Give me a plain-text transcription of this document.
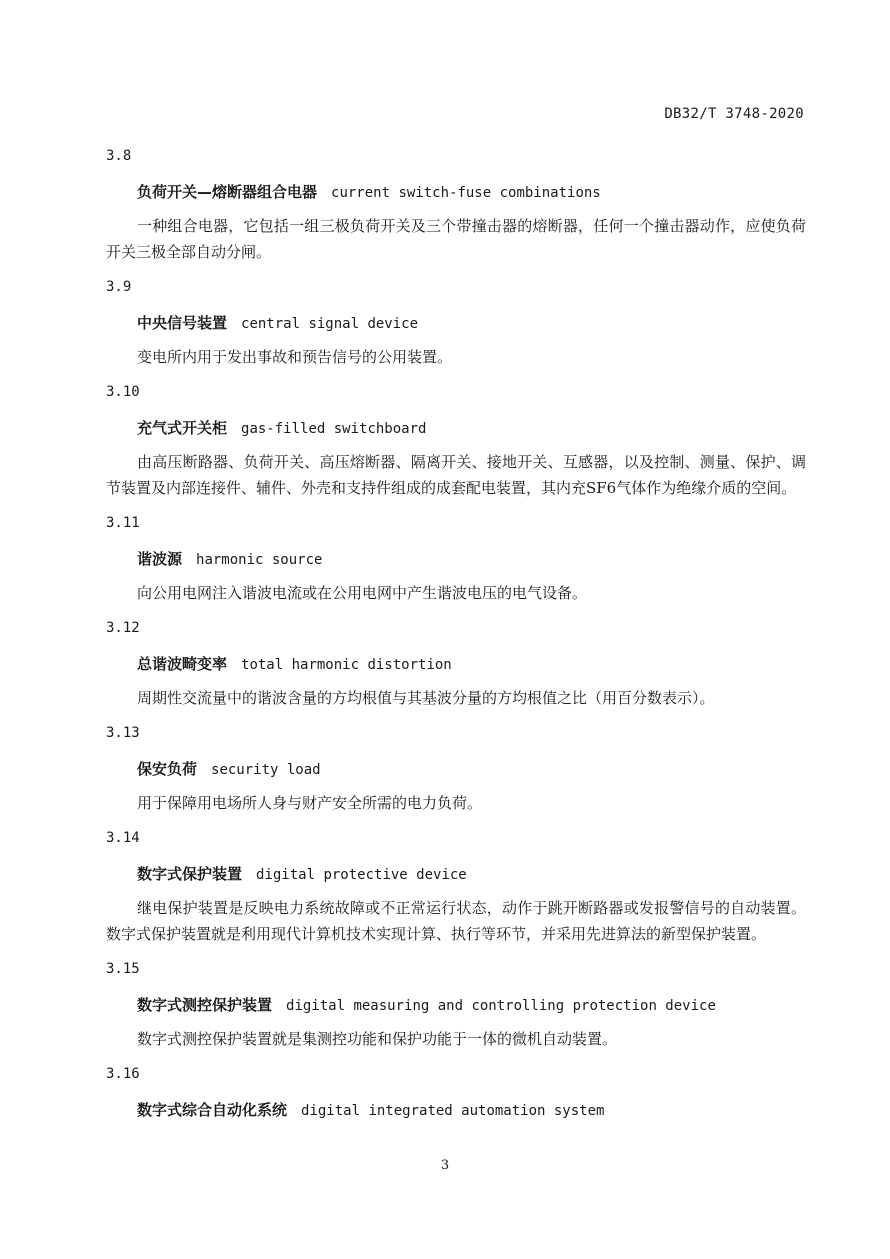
DB32/T 3748-2020
3.8
负荷开关—熔断器组合电器 current switch-fuse combinations

一种组合电器，它包括一组三极负荷开关及三个带撞击器的熔断器，任何一个撞击器动作，应使负荷开关三极全部自动分闸。

3.9
中央信号装置 central signal device

变电所内用于发出事故和预告信号的公用装置。

3.10
充气式开关柜 gas-filled switchboard

由高压断路器、负荷开关、高压熔断器、隔离开关、接地开关、互感器，以及控制、测量、保护、调节装置及内部连接件、辅件、外壳和支持件组成的成套配电装置，其内充SF6气体作为绝缘介质的空间。

3.11
谐波源 harmonic source

向公用电网注入谐波电流或在公用电网中产生谐波电压的电气设备。

3.12
总谐波畸变率 total harmonic distortion

周期性交流量中的谐波含量的方均根值与其基波分量的方均根值之比（用百分数表示）。

3.13
保安负荷 security load

用于保障用电场所人身与财产安全所需的电力负荷。

3.14
数字式保护装置 digital protective device

继电保护装置是反映电力系统故障或不正常运行状态，动作于跳开断路器或发报警信号的自动装置。数字式保护装置就是利用现代计算机技术实现计算、执行等环节，并采用先进算法的新型保护装置。

3.15
数字式测控保护装置 digital measuring and controlling protection device

数字式测控保护装置就是集测控功能和保护功能于一体的微机自动装置。

3.16
数字式综合自动化系统 digital integrated automation system
3
